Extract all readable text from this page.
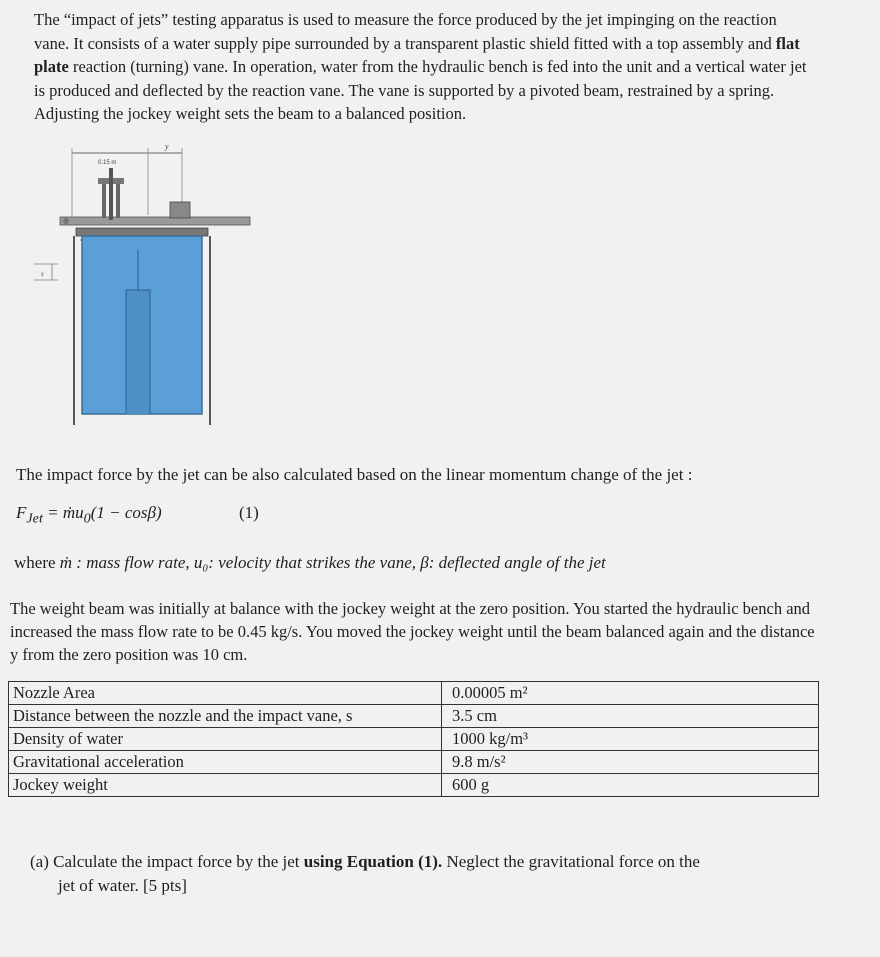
The “impact of jets” testing apparatus is used to measure the force produced by the jet impinging on the reaction vane. It consists of a water supply pipe surrounded by a transparent plastic shield fitted with a top assembly and flat plate reaction (turning) vane. In operation, water from the hydraulic bench is fed into the unit and a vertical water jet is produced and deflected by the reaction vane. The vane is supported by a pivoted beam, restrained by a spring. Adjusting the jockey weight sets the beam to a balanced position.

0.15 m
y
s

The impact force by the jet can be also calculated based on the linear momentum change of the jet :

$F_{Jet}$ = $ṁu_0(1 - \cos\beta)$	(1)

where ṁ : mass flow rate, u₀: velocity that strikes the vane, β: deflected angle of the jet

The weight beam was initially at balance with the jockey weight at the zero position. You started the hydraulic bench and increased the mass flow rate to be 0.45 kg/s. You moved the jockey weight until the beam balanced again and the distance y from the zero position was 10 cm.

Nozzle Area	0.00005 m²
Distance between the nozzle and the impact vane, s	3.5 cm
Density of water	1000 kg/m³
Gravitational acceleration	9.8 m/s²
Jockey weight	600 g
(a) Calculate the impact force by the jet using Equation (1). Neglect the gravitational force on the
jet of water. [5 pts]
